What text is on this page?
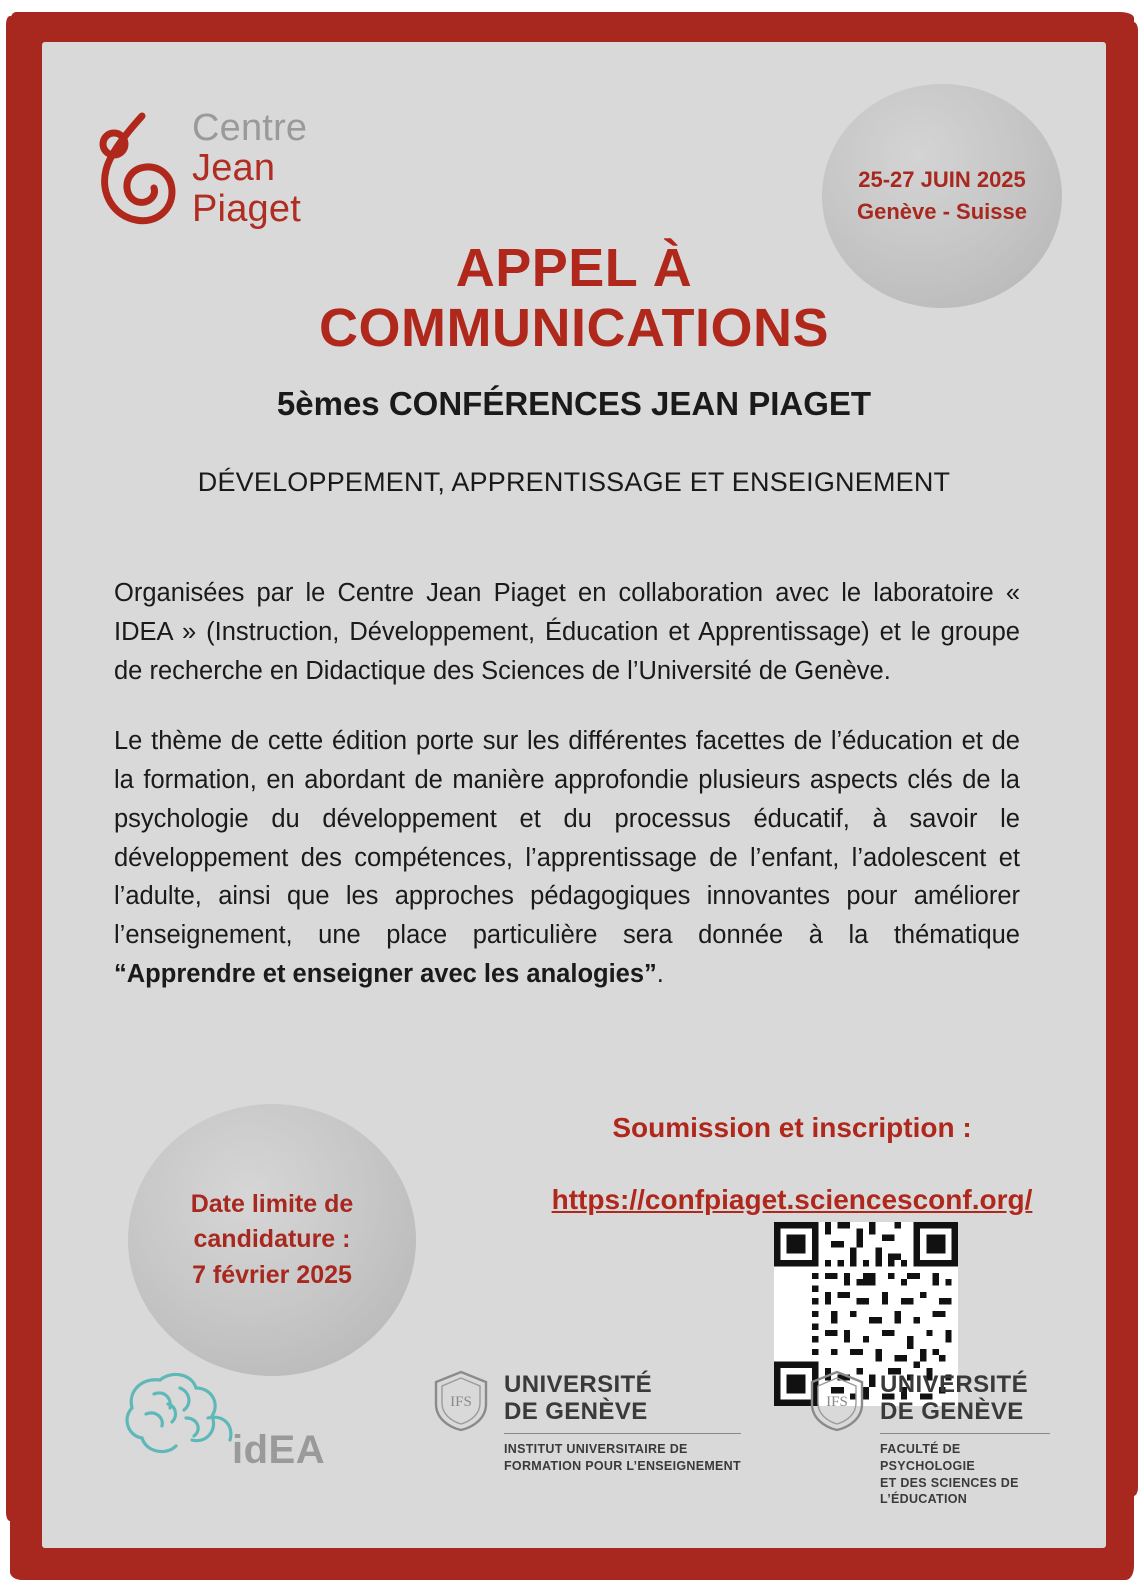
Centre
Jean
Piaget
25-27 JUIN 2025
Genève - Suisse
APPEL À
COMMUNICATIONS
5èmes CONFÉRENCES JEAN PIAGET
DÉVELOPPEMENT, APPRENTISSAGE ET ENSEIGNEMENT

Organisées par le Centre Jean Piaget en collaboration avec le laboratoire « IDEA » (Instruction, Développement, Éducation et Apprentissage) et le groupe de recherche en Didactique des Sciences de l’Université de Genève.

Le thème de cette édition porte sur les différentes facettes de l’éducation et de la formation, en abordant de manière approfondie plusieurs aspects clés de la psychologie du développement et du processus éducatif, à savoir le développement des compétences, l’apprentissage de l’enfant, l’adolescent et l’adulte, ainsi que les approches pédagogiques innovantes pour améliorer l’enseignement, une place particulière sera donnée à la thématique “Apprendre et enseigner avec les analogies”.

Date limite de
candidature :
7 février 2025
Soumission et inscription :
https://confpiaget.sciencesconf.org/
idEA
IFS
UNIVERSITÉ
DE GENÈVE
INSTITUT UNIVERSITAIRE DE
FORMATION POUR L’ENSEIGNEMENT
IFS
UNIVERSITÉ
DE GENÈVE
FACULTÉ DE PSYCHOLOGIE
ET DES SCIENCES DE L’ÉDUCATION
